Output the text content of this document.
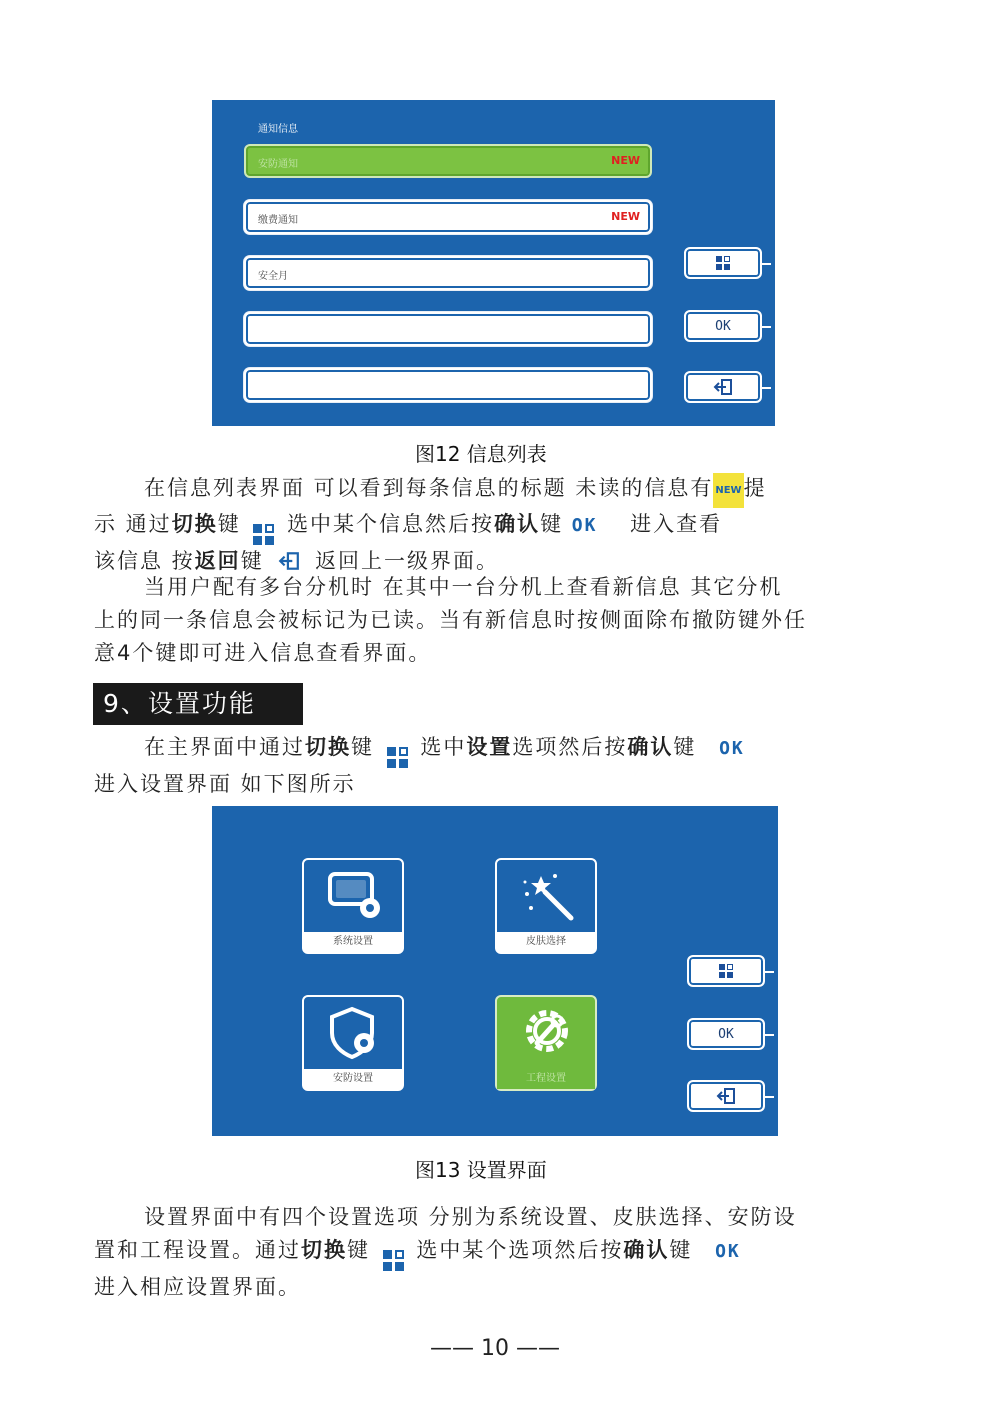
通知信息
安防通知	NEW
缴费通知	NEW
安全月
OK
图12 信息列表
在信息列表界面 可以看到每条信息的标题 未读的信息有 NEW提
示 通过切换键 选中某个信息然后按确认键 OK 进入查看
该信息 按返回键 返回上一级界面。
当用户配有多台分机时 在其中一台分机上查看新信息 其它分机
上的同一条信息会被标记为已读。当有新信息时按侧面除布撤防键外任
意4个键即可进入信息查看界面。
9、设置功能
在主界面中通过切换键 选中设置选项然后按确认键 OK
进入设置界面 如下图所示
系统设置	皮肤选择
安防设置	工程设置
OK
图13 设置界面
设置界面中有四个设置选项 分别为系统设置、皮肤选择、安防设
置和工程设置。通过切换键 选中某个选项然后按确认键 OK
进入相应设置界面。
—— 10 ——
